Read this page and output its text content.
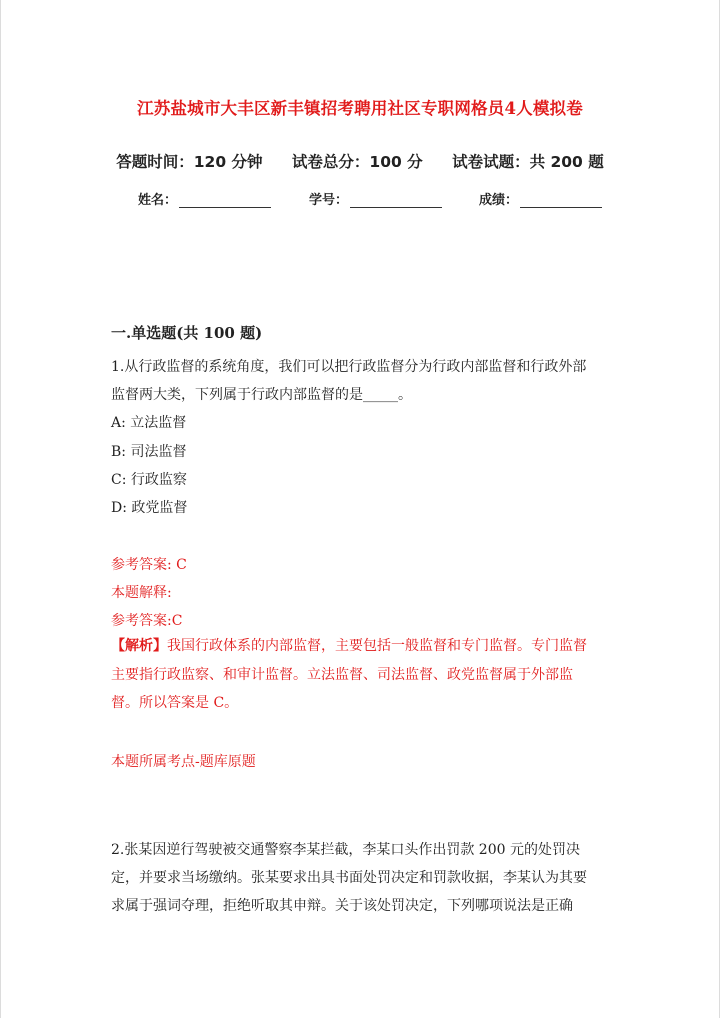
江苏盐城市大丰区新丰镇招考聘用社区专职网格员4人模拟卷
答题时间：120 分钟 试卷总分：100 分 试卷试题：共 200 题
姓名：	学号：	成绩：
一.单选题(共 100 题)
1.从行政监督的系统角度，我们可以把行政监督分为行政内部监督和行政外部
监督两大类，下列属于行政内部监督的是_____。
A: 立法监督
B: 司法监督
C: 行政监察
D: 政党监督
参考答案: C
本题解释:
参考答案:C
【解析】我国行政体系的内部监督，主要包括一般监督和专门监督。专门监督
主要指行政监察、和审计监督。立法监督、司法监督、政党监督属于外部监
督。所以答案是 C。
本题所属考点-题库原题
2.张某因逆行驾驶被交通警察李某拦截，李某口头作出罚款 200 元的处罚决
定，并要求当场缴纳。张某要求出具书面处罚决定和罚款收据，李某认为其要
求属于强词夺理，拒绝听取其申辩。关于该处罚决定，下列哪项说法是正确
